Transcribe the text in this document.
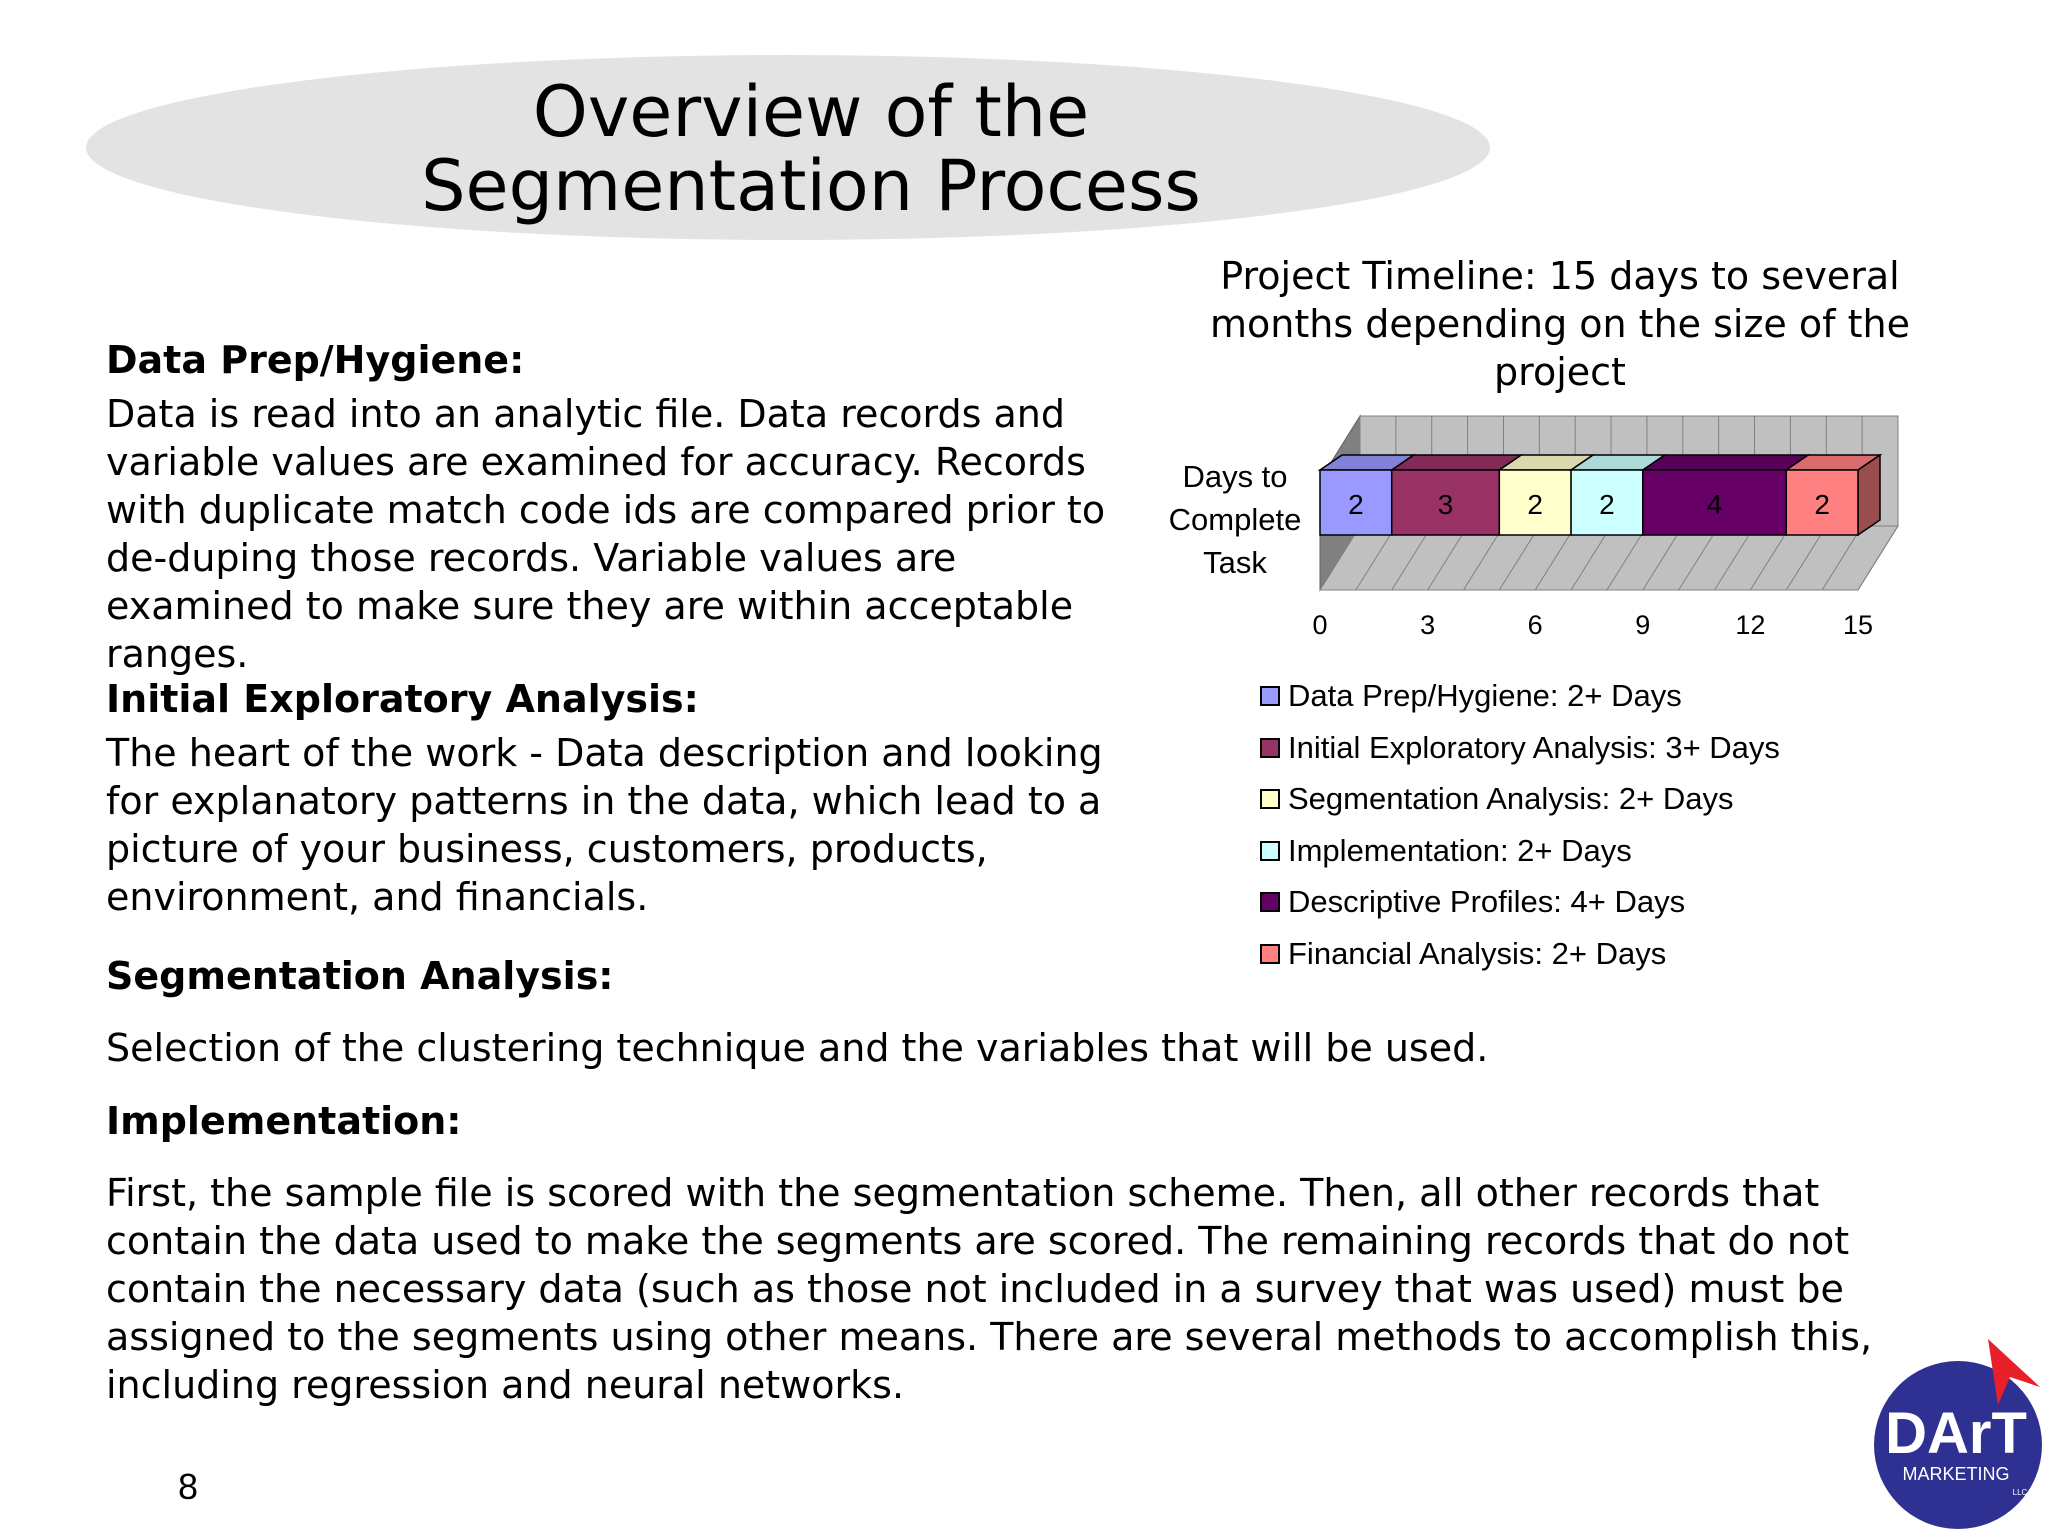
Overview of the
Segmentation Process
Data Prep/Hygiene:
Data is read into an analytic file. Data records and variable values are examined for accuracy. Records with duplicate match code ids are compared prior to de-duping those records. Variable values are examined to make sure they are within acceptable ranges.
Initial Exploratory Analysis:
The heart of the work - Data description and looking for explanatory patterns in the data, which lead to a picture of your business, customers, products, environment, and financials.
Segmentation Analysis:
Selection of the clustering technique and the variables that will be used.
Implementation:
First, the sample file is scored with the segmentation scheme. Then, all other records that contain the data used to make the segments are scored. The remaining records that do not contain the necessary data (such as those not included in a survey that was used) must be assigned to the segments using other means. There are several methods to accomplish this, including regression and neural networks.
Project Timeline: 15 days to several months depending on the size of the project
Days to Complete Task
2	3	2 2	4	2
0	3	6	9	12	15
Data Prep/Hygiene: 2+ Days
Initial Exploratory Analysis: 3+ Days
Segmentation Analysis: 2+ Days
Implementation: 2+ Days
Descriptive Profiles: 4+ Days
Financial Analysis: 2+ Days
8
DArT
MARKETING
LLC
